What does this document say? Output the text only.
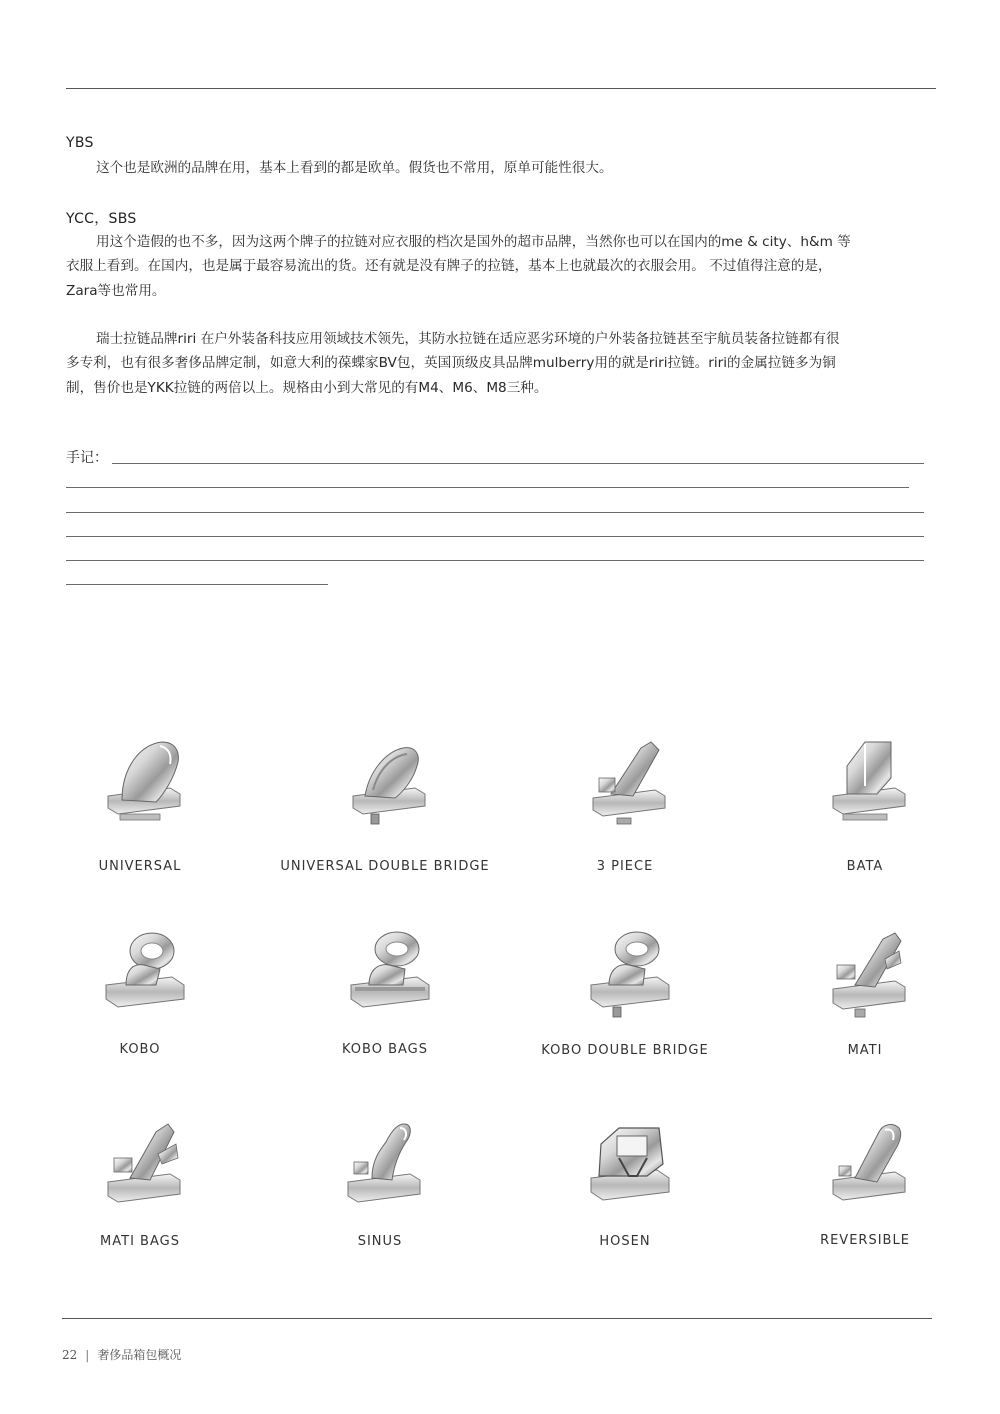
YBS
这个也是欧洲的品牌在用，基本上看到的都是欧单。假货也不常用，原单可能性很大。
YCC，SBS
用这个造假的也不多，因为这两个牌子的拉链对应衣服的档次是国外的超市品牌，当然你也可以在国内的me & city、h&m 等
衣服上看到。在国内，也是属于最容易流出的货。还有就是没有牌子的拉链，基本上也就最次的衣服会用。 不过值得注意的是，
Zara等也常用。
瑞士拉链品牌riri 在户外装备科技应用领域技术领先，其防水拉链在适应恶劣环境的户外装备拉链甚至宇航员装备拉链都有很
多专利，也有很多奢侈品牌定制，如意大利的葆蝶家BV包，英国顶级皮具品牌mulberry用的就是riri拉链。riri的金属拉链多为铜
制，售价也是YKK拉链的两倍以上。规格由小到大常见的有M4、M6、M8三种。
手记：
UNIVERSAL	UNIVERSAL DOUBLE BRIDGE	3 PIECE	BATA
KOBO	KOBO BAGS	KOBO DOUBLE BRIDGE	MATI
MATI BAGS	SINUS	HOSEN	REVERSIBLE
22 | 奢侈品箱包概况
